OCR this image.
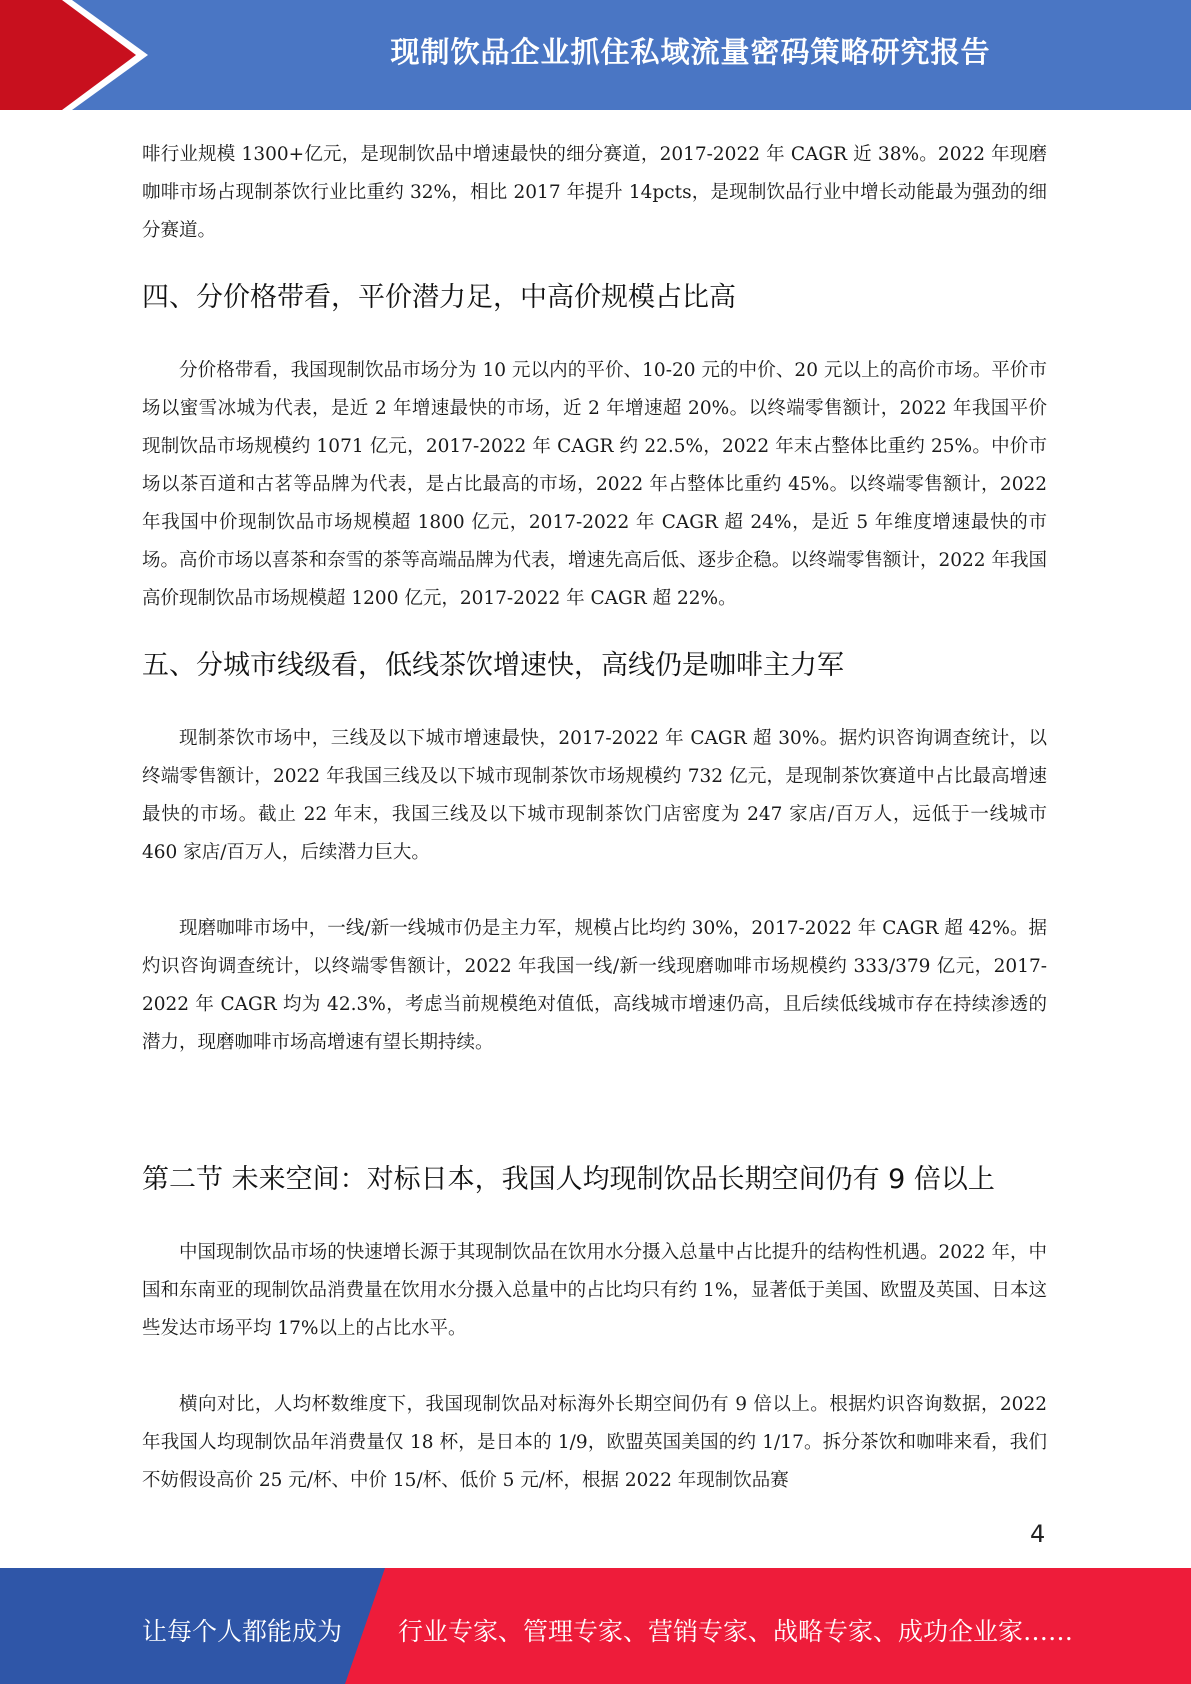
现制饮品企业抓住私域流量密码策略研究报告

啡行业规模 1300+亿元，是现制饮品中增速最快的细分赛道，2017-2022 年 CAGR 近 38%。2022 年现磨咖啡市场占现制茶饮行业比重约 32%，相比 2017 年提升 14pcts，是现制饮品行业中增长动能最为强劲的细分赛道。

四、分价格带看，平价潜力足，中高价规模占比高

分价格带看，我国现制饮品市场分为 10 元以内的平价、10-20 元的中价、20 元以上的高价市场。平价市场以蜜雪冰城为代表，是近 2 年增速最快的市场，近 2 年增速超 20%。以终端零售额计，2022 年我国平价现制饮品市场规模约 1071 亿元，2017-2022 年 CAGR 约 22.5%，2022 年末占整体比重约 25%。中价市场以茶百道和古茗等品牌为代表，是占比最高的市场，2022 年占整体比重约 45%。以终端零售额计，2022 年我国中价现制饮品市场规模超 1800 亿元，2017-2022 年 CAGR 超 24%，是近 5 年维度增速最快的市场。高价市场以喜茶和奈雪的茶等高端品牌为代表，增速先高后低、逐步企稳。以终端零售额计，2022 年我国高价现制饮品市场规模超 1200 亿元，2017-2022 年 CAGR 超 22%。

五、分城市线级看，低线茶饮增速快，高线仍是咖啡主力军

现制茶饮市场中，三线及以下城市增速最快，2017-2022 年 CAGR 超 30%。据灼识咨询调查统计，以终端零售额计，2022 年我国三线及以下城市现制茶饮市场规模约 732 亿元，是现制茶饮赛道中占比最高增速最快的市场。截止 22 年末，我国三线及以下城市现制茶饮门店密度为 247 家店/百万人，远低于一线城市 460 家店/百万人，后续潜力巨大。

现磨咖啡市场中，一线/新一线城市仍是主力军，规模占比均约 30%，2017-2022 年 CAGR 超 42%。据灼识咨询调查统计，以终端零售额计，2022 年我国一线/新一线现磨咖啡市场规模约 333/379 亿元，2017-2022 年 CAGR 均为 42.3%，考虑当前规模绝对值低，高线城市增速仍高，且后续低线城市存在持续渗透的潜力，现磨咖啡市场高增速有望长期持续。

第二节 未来空间：对标日本，我国人均现制饮品长期空间仍有 9 倍以上

中国现制饮品市场的快速增长源于其现制饮品在饮用水分摄入总量中占比提升的结构性机遇。2022 年，中国和东南亚的现制饮品消费量在饮用水分摄入总量中的占比均只有约 1%，显著低于美国、欧盟及英国、日本这些发达市场平均 17%以上的占比水平。

横向对比，人均杯数维度下，我国现制饮品对标海外长期空间仍有 9 倍以上。根据灼识咨询数据，2022 年我国人均现制饮品年消费量仅 18 杯，是日本的 1/9，欧盟英国美国的约 1/17。拆分茶饮和咖啡来看，我们不妨假设高价 25 元/杯、中价 15/杯、低价 5 元/杯，根据 2022 年现制饮品赛

4
让每个人都能成为 行业专家、管理专家、营销专家、战略专家、成功企业家……
